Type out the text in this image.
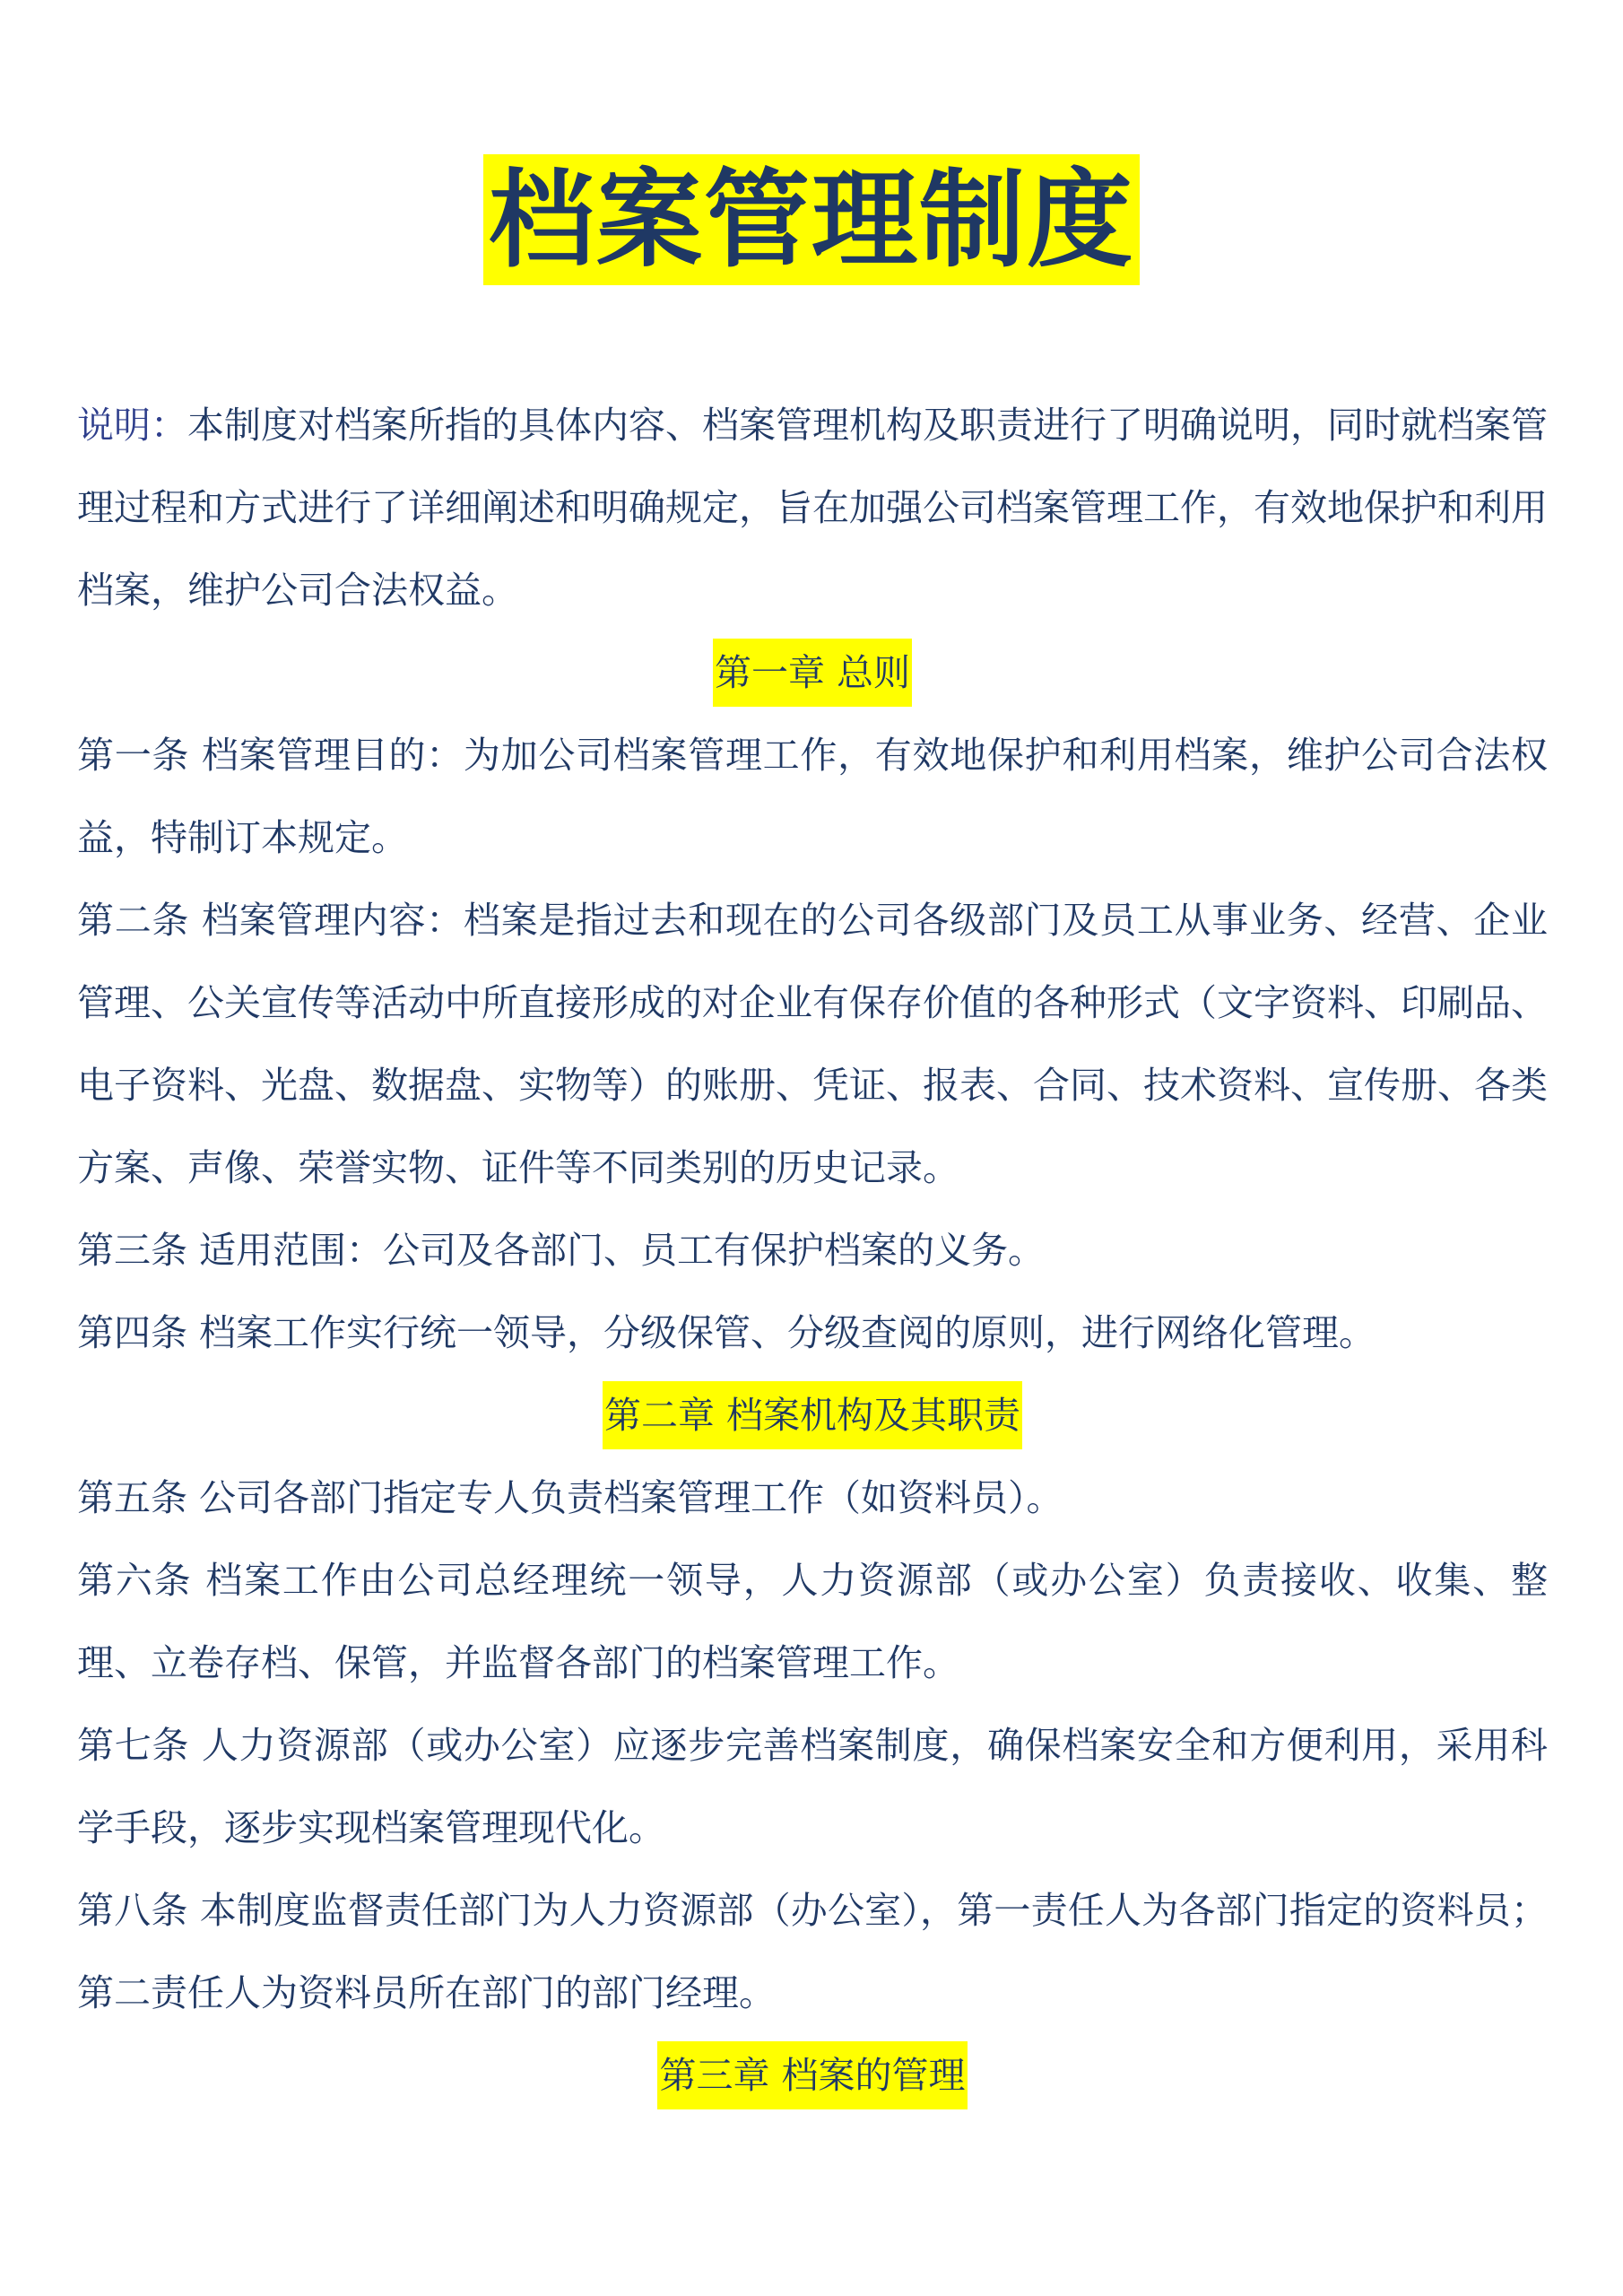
档案管理制度

说明：本制度对档案所指的具体内容、档案管理机构及职责进行了明确说明，同时就档案管理过程和方式进行了详细阐述和明确规定，旨在加强公司档案管理工作，有效地保护和利用档案，维护公司合法权益。

第一章 总则

第一条 档案管理目的：为加公司档案管理工作，有效地保护和利用档案，维护公司合法权益，特制订本规定。

第二条 档案管理内容：档案是指过去和现在的公司各级部门及员工从事业务、经营、企业管理、公关宣传等活动中所直接形成的对企业有保存价值的各种形式（文字资料、印刷品、电子资料、光盘、数据盘、实物等）的账册、凭证、报表、合同、技术资料、宣传册、各类方案、声像、荣誉实物、证件等不同类别的历史记录。

第三条 适用范围：公司及各部门、员工有保护档案的义务。

第四条 档案工作实行统一领导，分级保管、分级查阅的原则，进行网络化管理。

第二章 档案机构及其职责

第五条 公司各部门指定专人负责档案管理工作（如资料员）。

第六条 档案工作由公司总经理统一领导，人力资源部（或办公室）负责接收、收集、整理、立卷存档、保管，并监督各部门的档案管理工作。

第七条 人力资源部（或办公室）应逐步完善档案制度，确保档案安全和方便利用，采用科学手段，逐步实现档案管理现代化。

第八条 本制度监督责任部门为人力资源部（办公室），第一责任人为各部门指定的资料员；第二责任人为资料员所在部门的部门经理。

第三章 档案的管理
